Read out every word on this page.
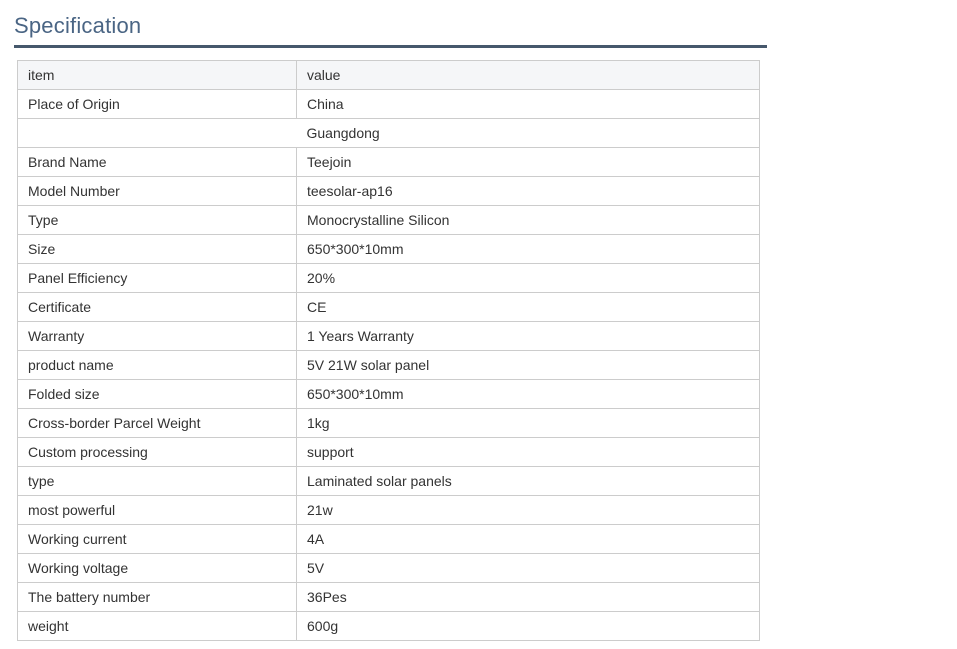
Specification
item	value
Place of Origin	China
	Guangdong
Brand Name	Teejoin
Model Number	teesolar-ap16
Type	Monocrystalline Silicon
Size	650*300*10mm
Panel Efficiency	20%
Certificate	CE
Warranty	1 Years Warranty
product name	5V 21W solar panel
Folded size	650*300*10mm
Cross-border Parcel Weight	1kg
Custom processing	support
type	Laminated solar panels
most powerful	21w
Working current	4A
Working voltage	5V
The battery number	36Pes
weight	600g
